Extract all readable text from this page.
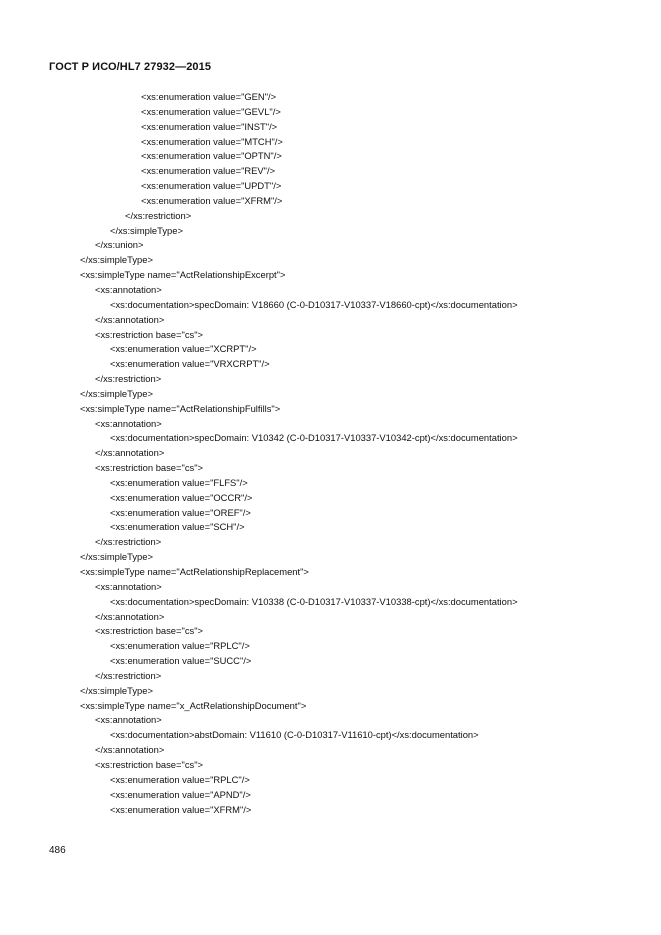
ГОСТ Р ИСО/HL7 27932—2015
<xs:enumeration value="GEN"/>
<xs:enumeration value="GEVL"/>
<xs:enumeration value="INST"/>
<xs:enumeration value="MTCH"/>
<xs:enumeration value="OPTN"/>
<xs:enumeration value="REV"/>
<xs:enumeration value="UPDT"/>
<xs:enumeration value="XFRM"/>
</xs:restriction>
</xs:simpleType>
</xs:union>
</xs:simpleType>
<xs:simpleType name="ActRelationshipExcerpt">
<xs:annotation>
<xs:documentation>specDomain: V18660 (C-0-D10317-V10337-V18660-cpt)</xs:documentation>
</xs:annotation>
<xs:restriction base="cs">
<xs:enumeration value="XCRPT"/>
<xs:enumeration value="VRXCRPT"/>
</xs:restriction>
</xs:simpleType>
<xs:simpleType name="ActRelationshipFulfills">
<xs:annotation>
<xs:documentation>specDomain: V10342 (C-0-D10317-V10337-V10342-cpt)</xs:documentation>
</xs:annotation>
<xs:restriction base="cs">
<xs:enumeration value="FLFS"/>
<xs:enumeration value="OCCR"/>
<xs:enumeration value="OREF"/>
<xs:enumeration value="SCH"/>
</xs:restriction>
</xs:simpleType>
<xs:simpleType name="ActRelationshipReplacement">
<xs:annotation>
<xs:documentation>specDomain: V10338 (C-0-D10317-V10337-V10338-cpt)</xs:documentation>
</xs:annotation>
<xs:restriction base="cs">
<xs:enumeration value="RPLC"/>
<xs:enumeration value="SUCC"/>
</xs:restriction>
</xs:simpleType>
<xs:simpleType name="x_ActRelationshipDocument">
<xs:annotation>
<xs:documentation>abstDomain: V11610 (C-0-D10317-V11610-cpt)</xs:documentation>
</xs:annotation>
<xs:restriction base="cs">
<xs:enumeration value="RPLC"/>
<xs:enumeration value="APND"/>
<xs:enumeration value="XFRM"/>
486
